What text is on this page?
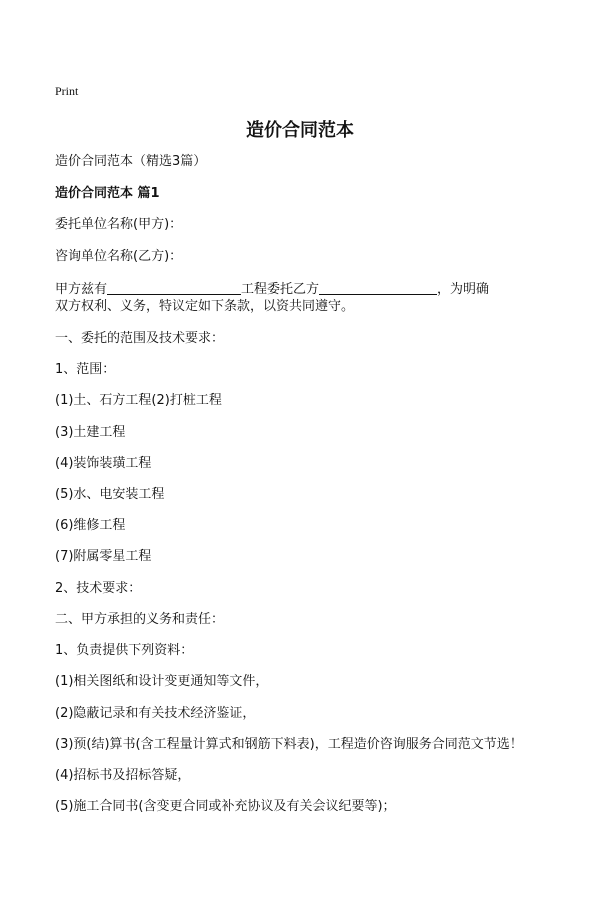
Print
造价合同范本
造价合同范本（精选3篇）
造价合同范本 篇1
委托单位名称(甲方)：
咨询单位名称(乙方)：
甲方兹有	工程委托乙方	，为明确
双方权利、义务，特议定如下条款，以资共同遵守。
一、委托的范围及技术要求：
1、范围：
(1)土、石方工程(2)打桩工程
(3)土建工程
(4)装饰装璜工程
(5)水、电安装工程
(6)维修工程
(7)附属零星工程
2、技术要求：
二、甲方承担的义务和责任：
1、负责提供下列资料：
(1)相关图纸和设计变更通知等文件，
(2)隐蔽记录和有关技术经济鉴证，
(3)预(结)算书(含工程量计算式和钢筋下料表)，工程造价咨询服务合同范文节选！
(4)招标书及招标答疑，
(5)施工合同书(含变更合同或补充协议及有关会议纪要等)；
